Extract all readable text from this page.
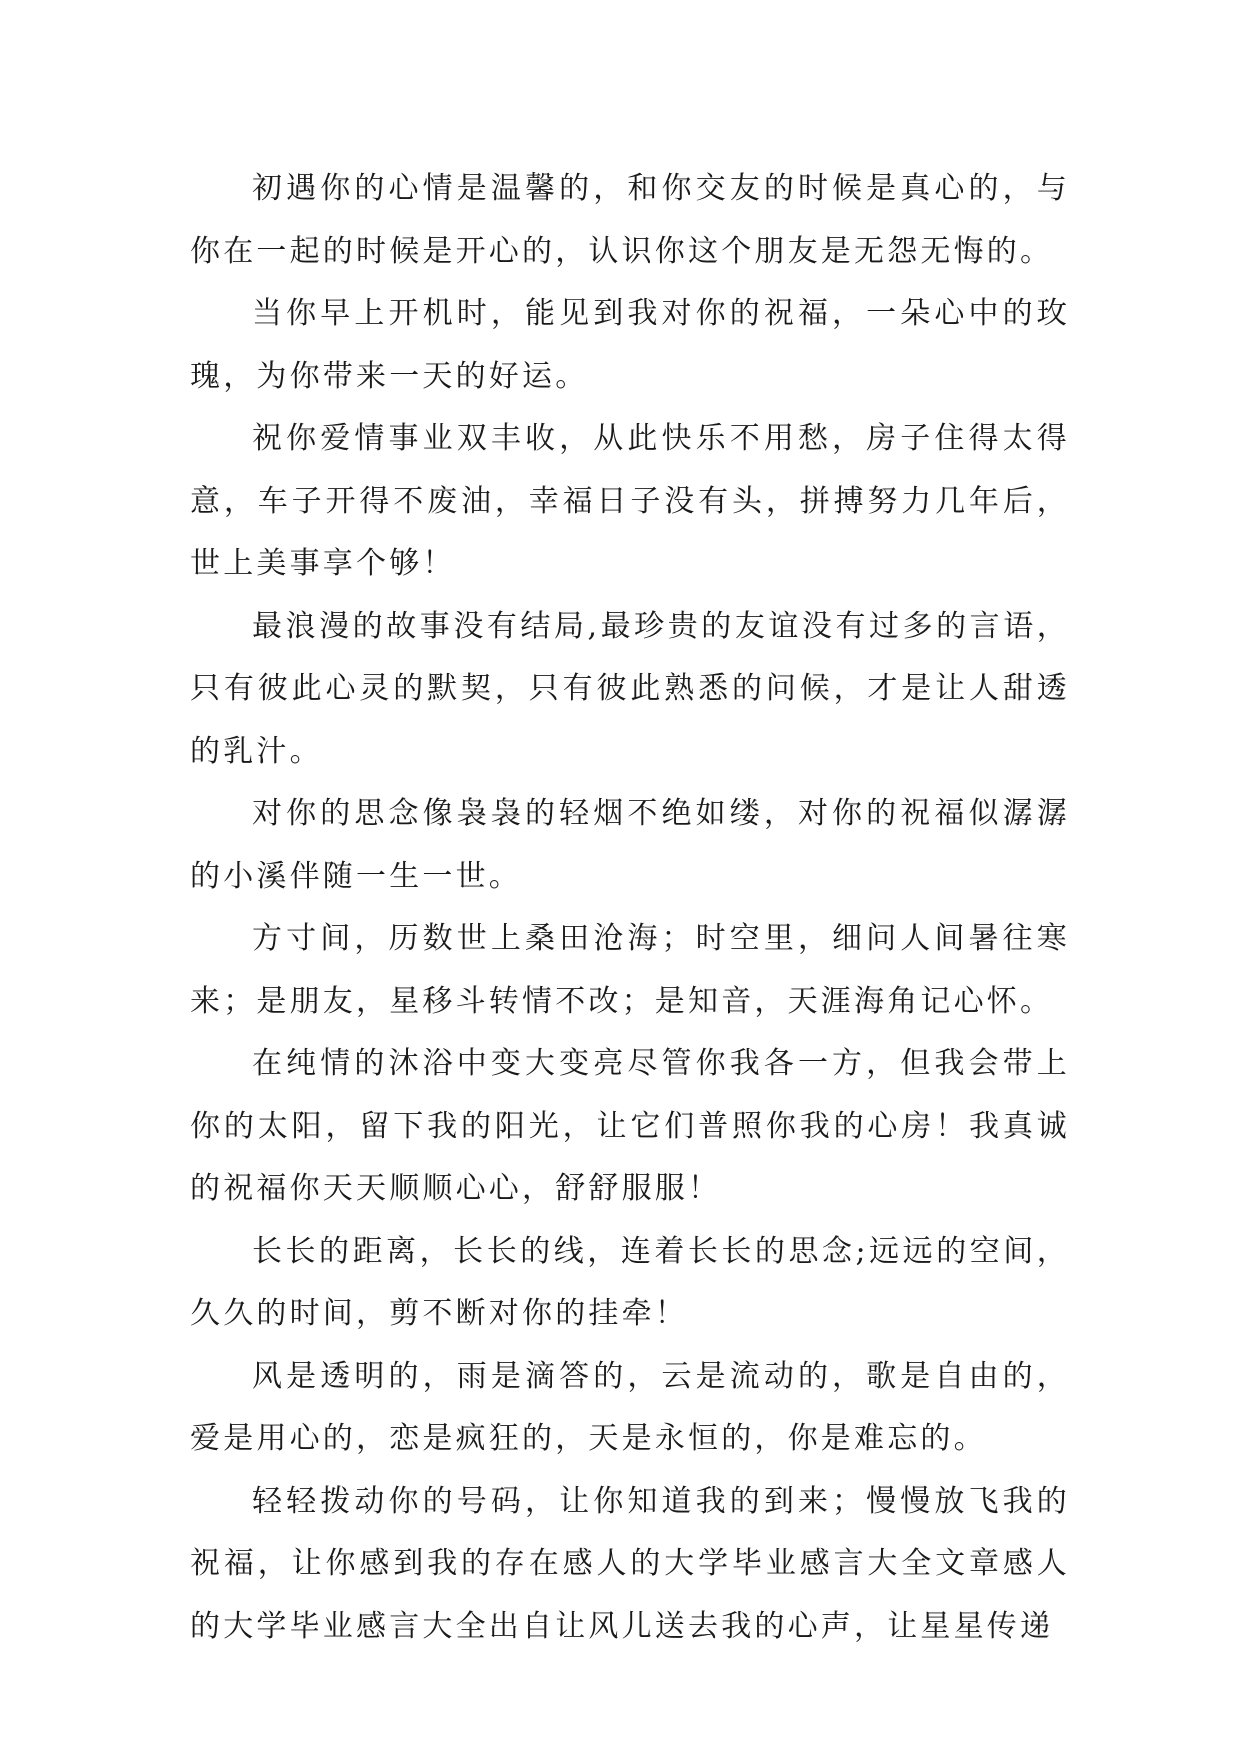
初遇你的心情是温馨的，和你交友的时候是真心的，与你在一起的时候是开心的，认识你这个朋友是无怨无悔的。

当你早上开机时，能见到我对你的祝福，一朵心中的玫瑰，为你带来一天的好运。

祝你爱情事业双丰收，从此快乐不用愁，房子住得太得意，车子开得不废油，幸福日子没有头，拼搏努力几年后，世上美事享个够！

最浪漫的故事没有结局,最珍贵的友谊没有过多的言语，只有彼此心灵的默契，只有彼此熟悉的问候，才是让人甜透的乳汁。

对你的思念像袅袅的轻烟不绝如缕，对你的祝福似潺潺的小溪伴随一生一世。

方寸间，历数世上桑田沧海；时空里，细问人间暑往寒来；是朋友，星移斗转情不改；是知音，天涯海角记心怀。

在纯情的沐浴中变大变亮尽管你我各一方，但我会带上你的太阳，留下我的阳光，让它们普照你我的心房！我真诚的祝福你天天顺顺心心，舒舒服服！

长长的距离，长长的线，连着长长的思念;远远的空间，久久的时间，剪不断对你的挂牵！

风是透明的，雨是滴答的，云是流动的，歌是自由的，爱是用心的，恋是疯狂的，天是永恒的，你是难忘的。

轻轻拨动你的号码，让你知道我的到来；慢慢放飞我的祝福，让你感到我的存在感人的大学毕业感言大全文章感人的大学毕业感言大全出自让风儿送去我的心声，让星星传递
